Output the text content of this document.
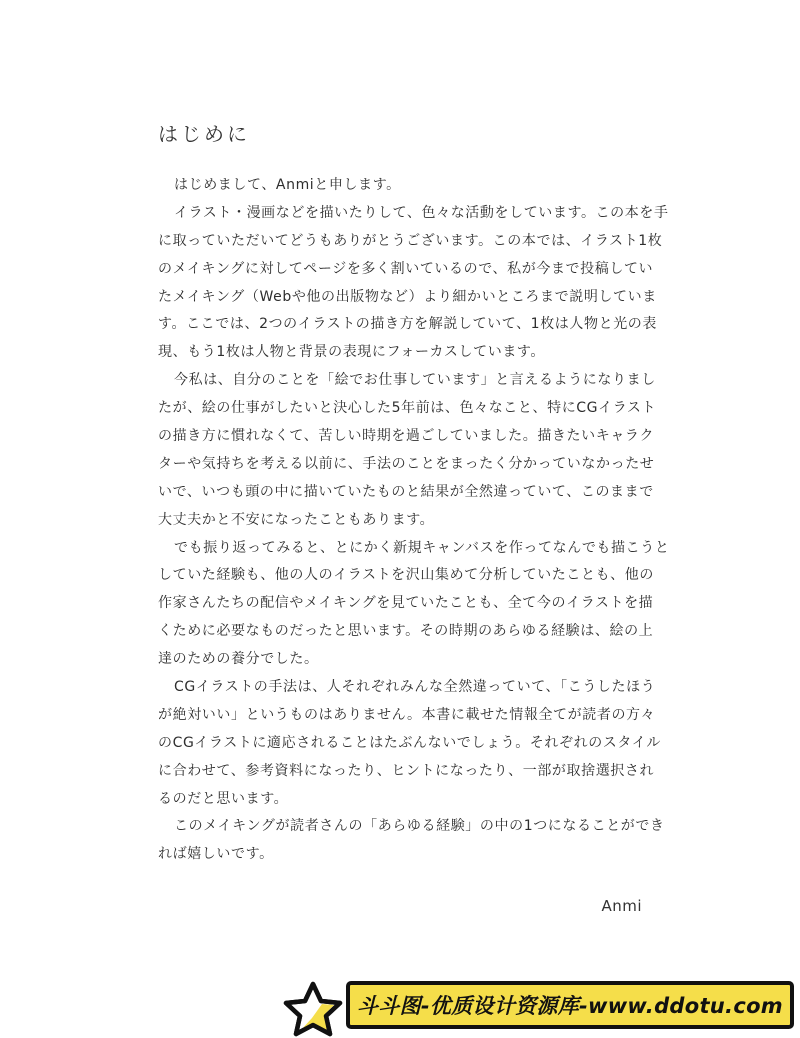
はじめに
はじめまして、Anmiと申します。
イラスト・漫画などを描いたりして、色々な活動をしています。この本を手
に取っていただいてどうもありがとうございます。この本では、イラスト1枚
のメイキングに対してページを多く割いているので、私が今まで投稿してい
たメイキング（Webや他の出版物など）より細かいところまで説明していま
す。ここでは、2つのイラストの描き方を解説していて、1枚は人物と光の表
現、もう1枚は人物と背景の表現にフォーカスしています。
今私は、自分のことを「絵でお仕事しています」と言えるようになりまし
たが、絵の仕事がしたいと決心した5年前は、色々なこと、特にCGイラスト
の描き方に慣れなくて、苦しい時期を過ごしていました。描きたいキャラク
ターや気持ちを考える以前に、手法のことをまったく分かっていなかったせ
いで、いつも頭の中に描いていたものと結果が全然違っていて、このままで
大丈夫かと不安になったこともあります。
でも振り返ってみると、とにかく新規キャンバスを作ってなんでも描こうと
していた経験も、他の人のイラストを沢山集めて分析していたことも、他の
作家さんたちの配信やメイキングを見ていたことも、全て今のイラストを描
くために必要なものだったと思います。その時期のあらゆる経験は、絵の上
達のための養分でした。
CGイラストの手法は、人それぞれみんな全然違っていて、「こうしたほう
が絶対いい」というものはありません。本書に載せた情報全てが読者の方々
のCGイラストに適応されることはたぶんないでしょう。それぞれのスタイル
に合わせて、参考資料になったり、ヒントになったり、一部が取捨選択され
るのだと思います。
このメイキングが読者さんの「あらゆる経験」の中の1つになることができ
れば嬉しいです。
Anmi
斗斗图-优质设计资源库-www.ddotu.com
